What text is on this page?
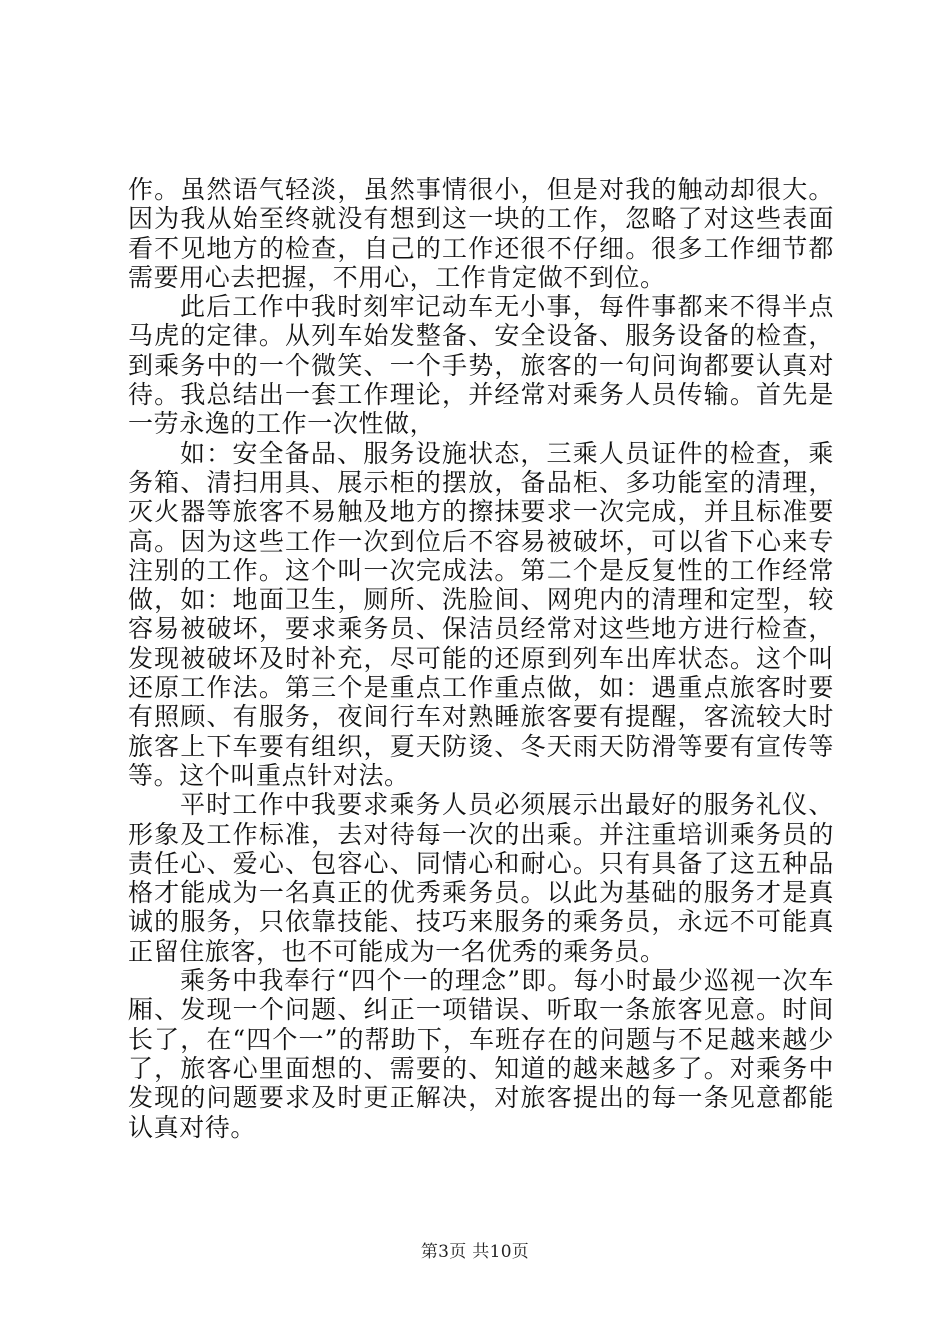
作。虽然语气轻淡，虽然事情很小，但是对我的触动却很大。因为我从始至终就没有想到这一块的工作，忽略了对这些表面看不见地方的检查，自己的工作还很不仔细。很多工作细节都需要用心去把握，不用心，工作肯定做不到位。

此后工作中我时刻牢记动车无小事，每件事都来不得半点马虎的定律。从列车始发整备、安全设备、服务设备的检查，到乘务中的一个微笑、一个手势，旅客的一句问询都要认真对待。我总结出一套工作理论，并经常对乘务人员传输。首先是一劳永逸的工作一次性做，

如：安全备品、服务设施状态，三乘人员证件的检查，乘务箱、清扫用具、展示柜的摆放，备品柜、多功能室的清理，灭火器等旅客不易触及地方的擦抹要求一次完成，并且标准要高。因为这些工作一次到位后不容易被破坏，可以省下心来专注别的工作。这个叫一次完成法。第二个是反复性的工作经常做，如：地面卫生，厕所、洗脸间、网兜内的清理和定型，较容易被破坏，要求乘务员、保洁员经常对这些地方进行检查，发现被破坏及时补充，尽可能的还原到列车出库状态。这个叫还原工作法。第三个是重点工作重点做，如：遇重点旅客时要有照顾、有服务，夜间行车对熟睡旅客要有提醒，客流较大时旅客上下车要有组织，夏天防烫、冬天雨天防滑等要有宣传等等。这个叫重点针对法。

平时工作中我要求乘务人员必须展示出最好的服务礼仪、形象及工作标准，去对待每一次的出乘。并注重培训乘务员的责任心、爱心、包容心、同情心和耐心。只有具备了这五种品格才能成为一名真正的优秀乘务员。以此为基础的服务才是真诚的服务，只依靠技能、技巧来服务的乘务员，永远不可能真正留住旅客，也不可能成为一名优秀的乘务员。

乘务中我奉行“四个一的理念”即。每小时最少巡视一次车厢、发现一个问题、纠正一项错误、听取一条旅客见意。时间长了，在“四个一”的帮助下，车班存在的问题与不足越来越少了，旅客心里面想的、需要的、知道的越来越多了。对乘务中发现的问题要求及时更正解决，对旅客提出的每一条见意都能认真对待。

第3页 共10页
